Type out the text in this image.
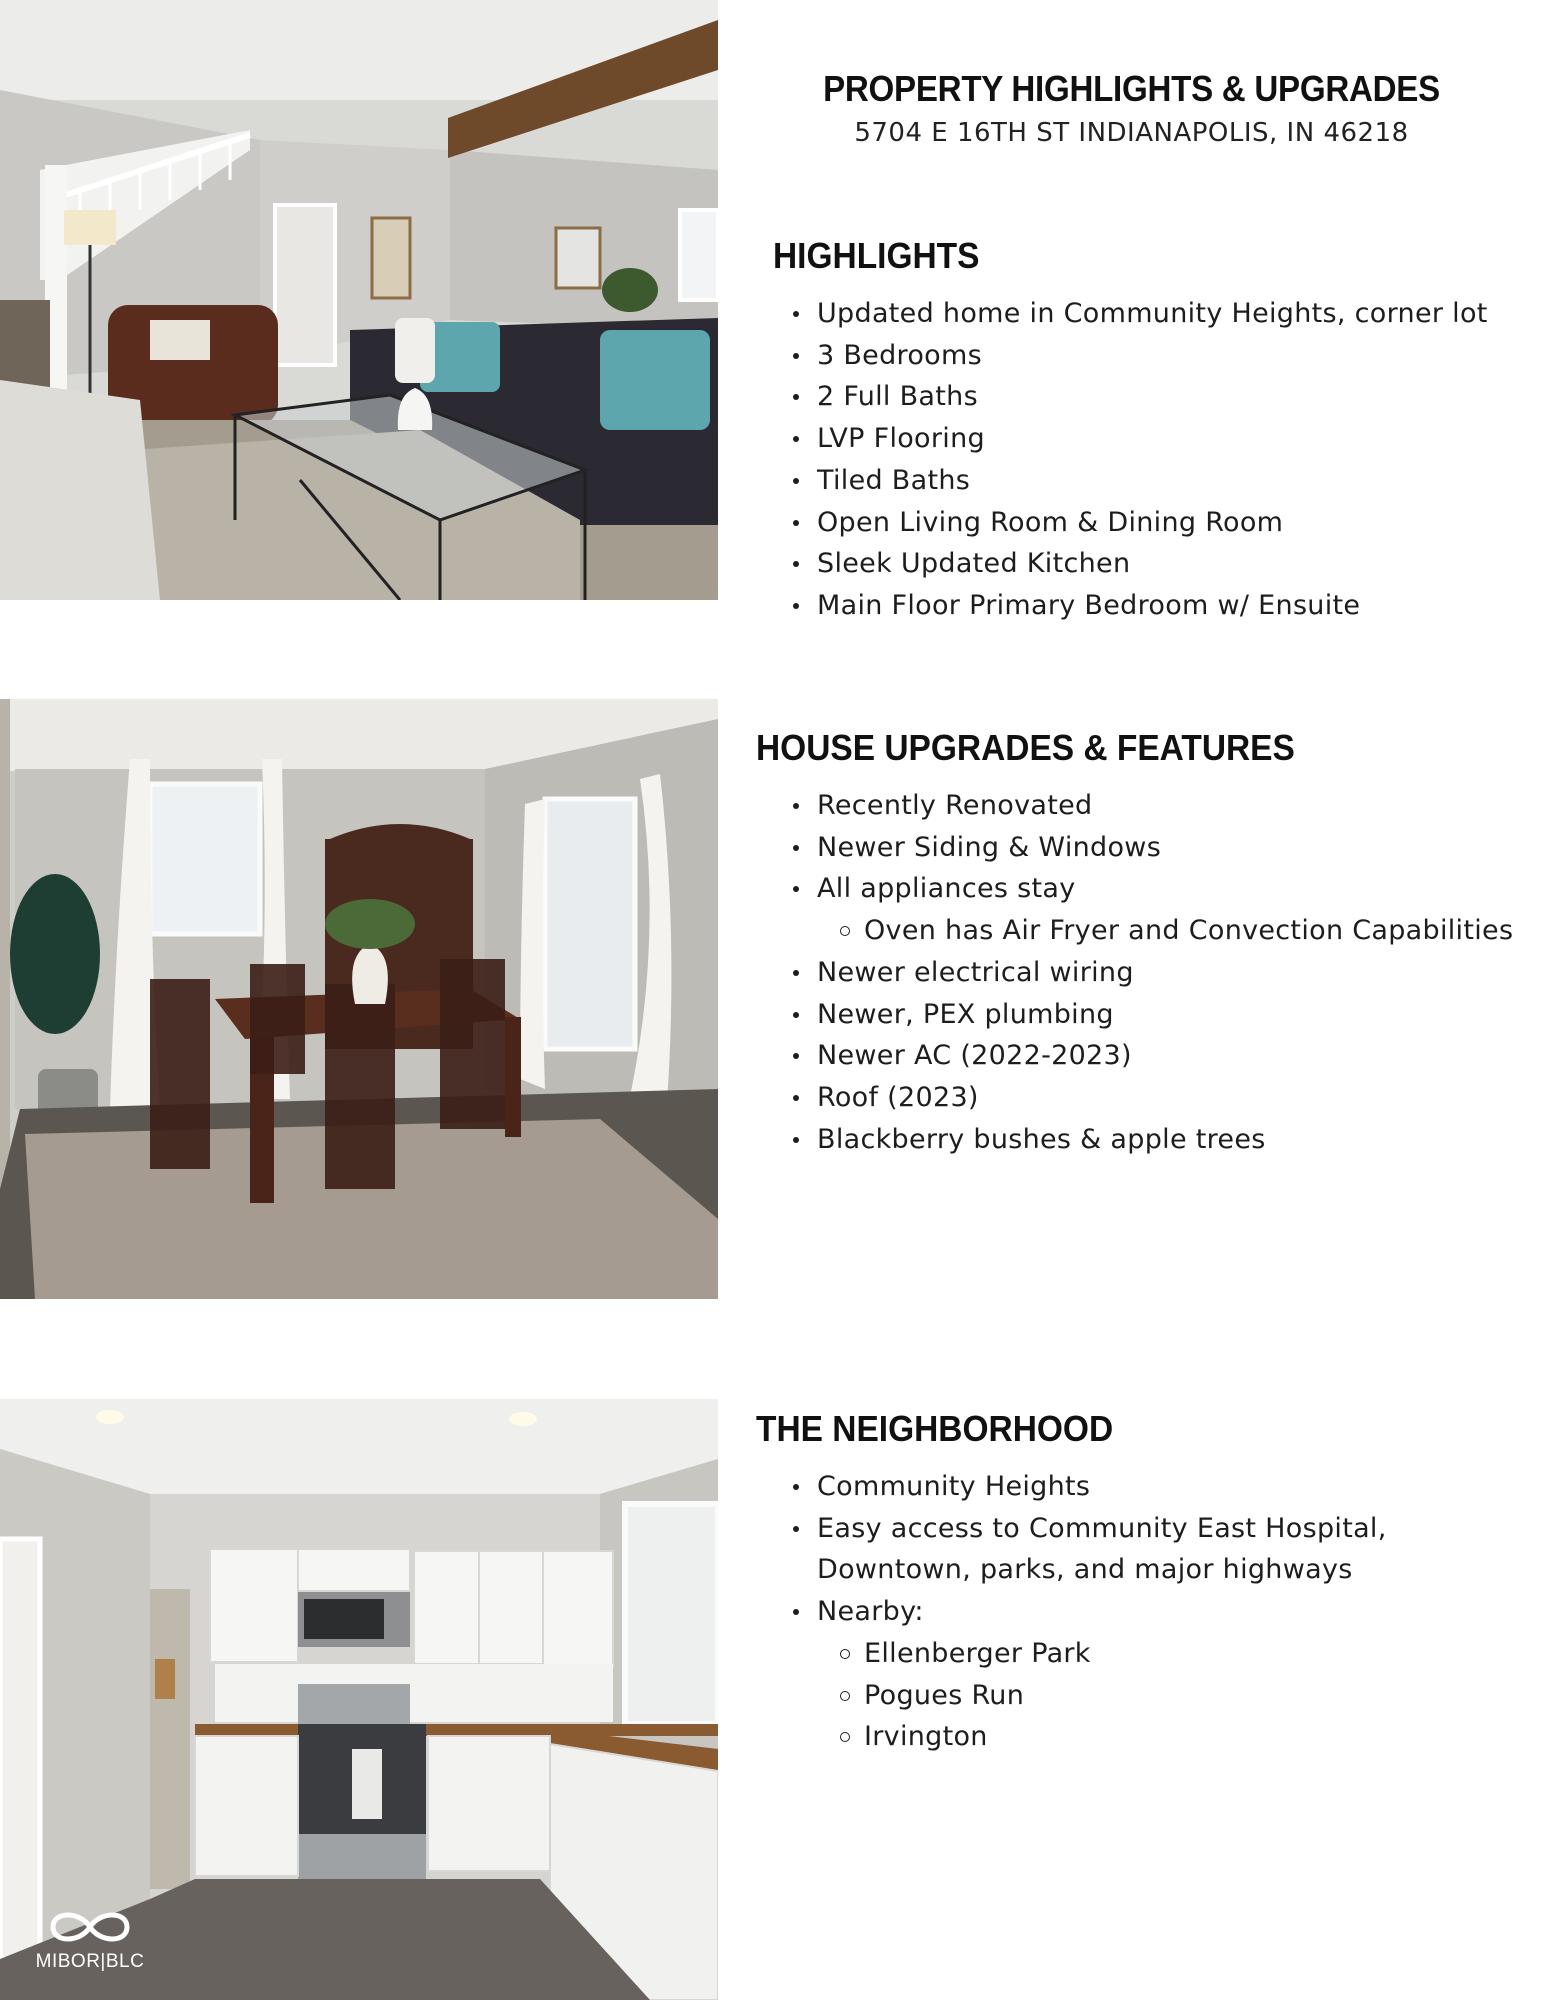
PROPERTY HIGHLIGHTS & UPGRADES
5704 E 16TH ST INDIANAPOLIS, IN 46218
HIGHLIGHTS
Updated home in Community Heights, corner lot
3 Bedrooms
2 Full Baths
LVP Flooring
Tiled Baths
Open Living Room & Dining Room
Sleek Updated Kitchen
Main Floor Primary Bedroom w/ Ensuite
HOUSE UPGRADES & FEATURES
Recently Renovated
Newer Siding & Windows
All appliances stay
Oven has Air Fryer and Convection Capabilities
Newer electrical wiring
Newer, PEX plumbing
Newer AC (2022-2023)
Roof (2023)
Blackberry bushes & apple trees
THE NEIGHBORHOOD
Community Heights
Easy access to Community East Hospital, Downtown, parks, and major highways
Nearby:
Ellenberger Park
Pogues Run
Irvington
MIBOR|BLC
